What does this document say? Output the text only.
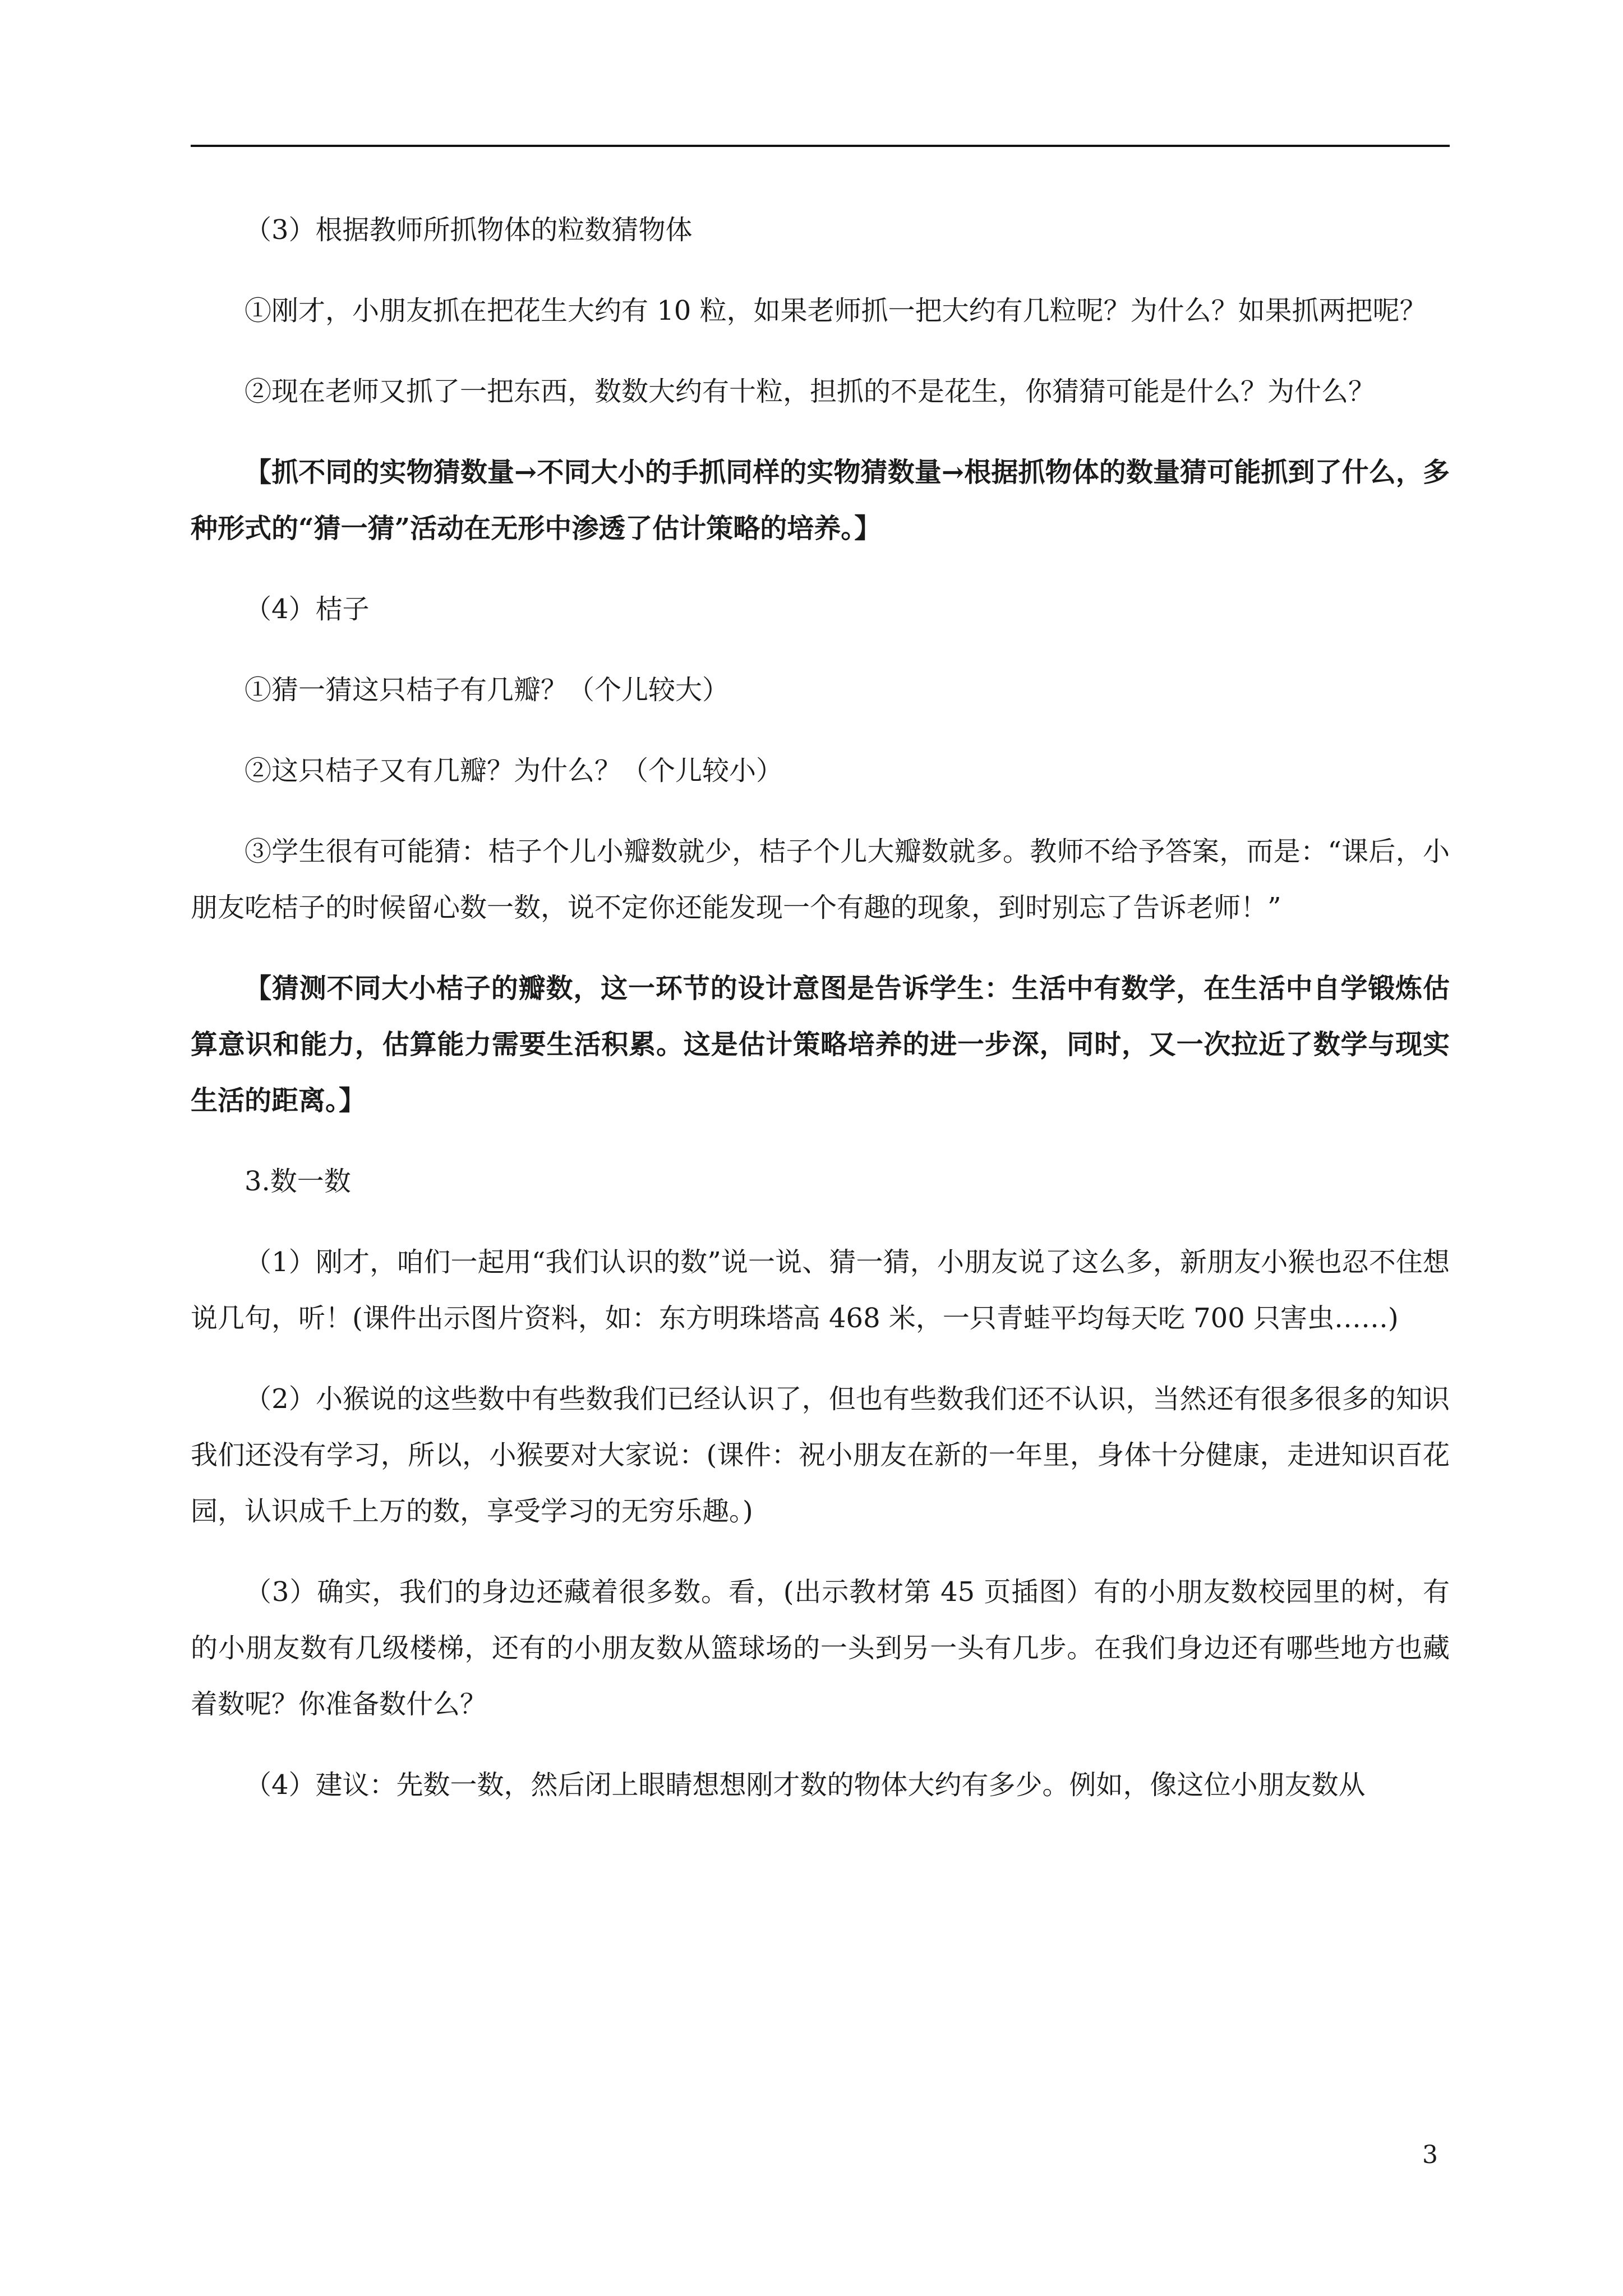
（3）根据教师所抓物体的粒数猜物体

①刚才，小朋友抓在把花生大约有 10 粒，如果老师抓一把大约有几粒呢？为什么？如果抓两把呢？

②现在老师又抓了一把东西，数数大约有十粒，担抓的不是花生，你猜猜可能是什么？为什么？

【抓不同的实物猜数量→不同大小的手抓同样的实物猜数量→根据抓物体的数量猜可能抓到了什么，多种形式的“猜一猜”活动在无形中渗透了估计策略的培养。】

（4）桔子

①猜一猜这只桔子有几瓣？（个儿较大）

②这只桔子又有几瓣？为什么？（个儿较小）

③学生很有可能猜：桔子个儿小瓣数就少，桔子个儿大瓣数就多。教师不给予答案，而是：“课后，小朋友吃桔子的时候留心数一数，说不定你还能发现一个有趣的现象，到时别忘了告诉老师！”

【猜测不同大小桔子的瓣数，这一环节的设计意图是告诉学生：生活中有数学，在生活中自学锻炼估算意识和能力，估算能力需要生活积累。这是估计策略培养的进一步深，同时，又一次拉近了数学与现实生活的距离。】

3.数一数

（1）刚才，咱们一起用“我们认识的数”说一说、猜一猜，小朋友说了这么多，新朋友小猴也忍不住想说几句，听！(课件出示图片资料，如：东方明珠塔高 468 米，一只青蛙平均每天吃 700 只害虫……)

（2）小猴说的这些数中有些数我们已经认识了，但也有些数我们还不认识，当然还有很多很多的知识我们还没有学习，所以，小猴要对大家说：(课件：祝小朋友在新的一年里，身体十分健康，走进知识百花园，认识成千上万的数，享受学习的无穷乐趣。)

（3）确实，我们的身边还藏着很多数。看，(出示教材第 45 页插图）有的小朋友数校园里的树，有的小朋友数有几级楼梯，还有的小朋友数从篮球场的一头到另一头有几步。在我们身边还有哪些地方也藏着数呢？你准备数什么？

（4）建议：先数一数，然后闭上眼睛想想刚才数的物体大约有多少。例如，像这位小朋友数从

3
